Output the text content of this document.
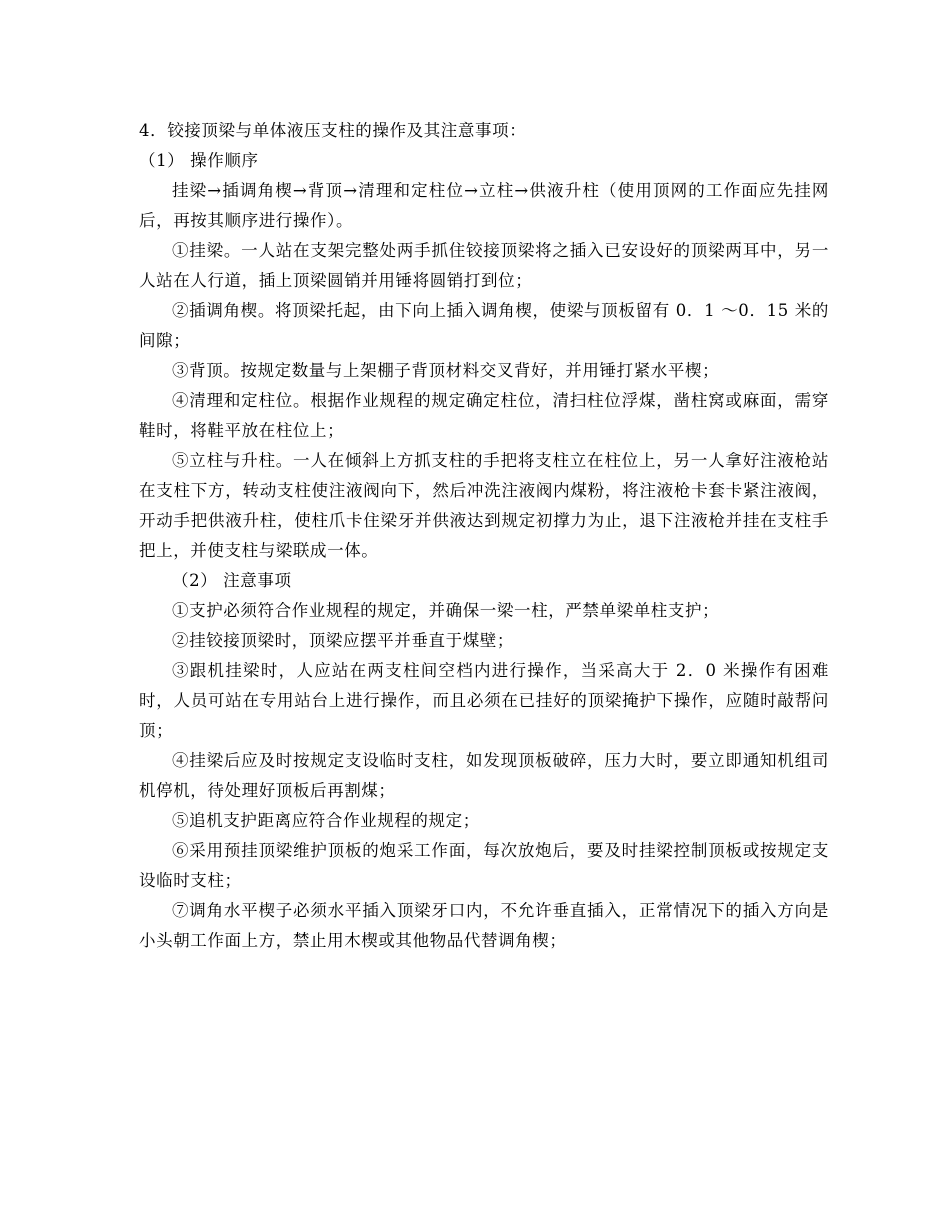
4．铰接顶梁与单体液压支柱的操作及其注意事项：

（1） 操作顺序

挂梁→插调角楔→背顶→清理和定柱位→立柱→供液升柱（使用顶网的工作面应先挂网后，再按其顺序进行操作）。

①挂梁。一人站在支架完整处两手抓住铰接顶梁将之插入已安设好的顶梁两耳中，另一人站在人行道，插上顶梁圆销并用锤将圆销打到位；

②插调角楔。将顶梁托起，由下向上插入调角楔，使梁与顶板留有 0．1 ～0．15 米的间隙；

③背顶。按规定数量与上架棚子背顶材料交叉背好，并用锤打紧水平楔；

④清理和定柱位。根据作业规程的规定确定柱位，清扫柱位浮煤，凿柱窝或麻面，需穿鞋时，将鞋平放在柱位上；

⑤立柱与升柱。一人在倾斜上方抓支柱的手把将支柱立在柱位上，另一人拿好注液枪站在支柱下方，转动支柱使注液阀向下，然后冲洗注液阀内煤粉，将注液枪卡套卡紧注液阀，开动手把供液升柱，使柱爪卡住梁牙并供液达到规定初撑力为止，退下注液枪并挂在支柱手把上，并使支柱与梁联成一体。

（2） 注意事项

①支护必须符合作业规程的规定，并确保一梁一柱，严禁单梁单柱支护；

②挂铰接顶梁时，顶梁应摆平并垂直于煤壁；

③跟机挂梁时，人应站在两支柱间空档内进行操作，当采高大于 2．0 米操作有困难时，人员可站在专用站台上进行操作，而且必须在已挂好的顶梁掩护下操作，应随时敲帮问顶；

④挂梁后应及时按规定支设临时支柱，如发现顶板破碎，压力大时，要立即通知机组司机停机，待处理好顶板后再割煤；

⑤追机支护距离应符合作业规程的规定；

⑥采用预挂顶梁维护顶板的炮采工作面，每次放炮后，要及时挂梁控制顶板或按规定支设临时支柱；

⑦调角水平楔子必须水平插入顶梁牙口内，不允许垂直插入，正常情况下的插入方向是小头朝工作面上方，禁止用木楔或其他物品代替调角楔；
